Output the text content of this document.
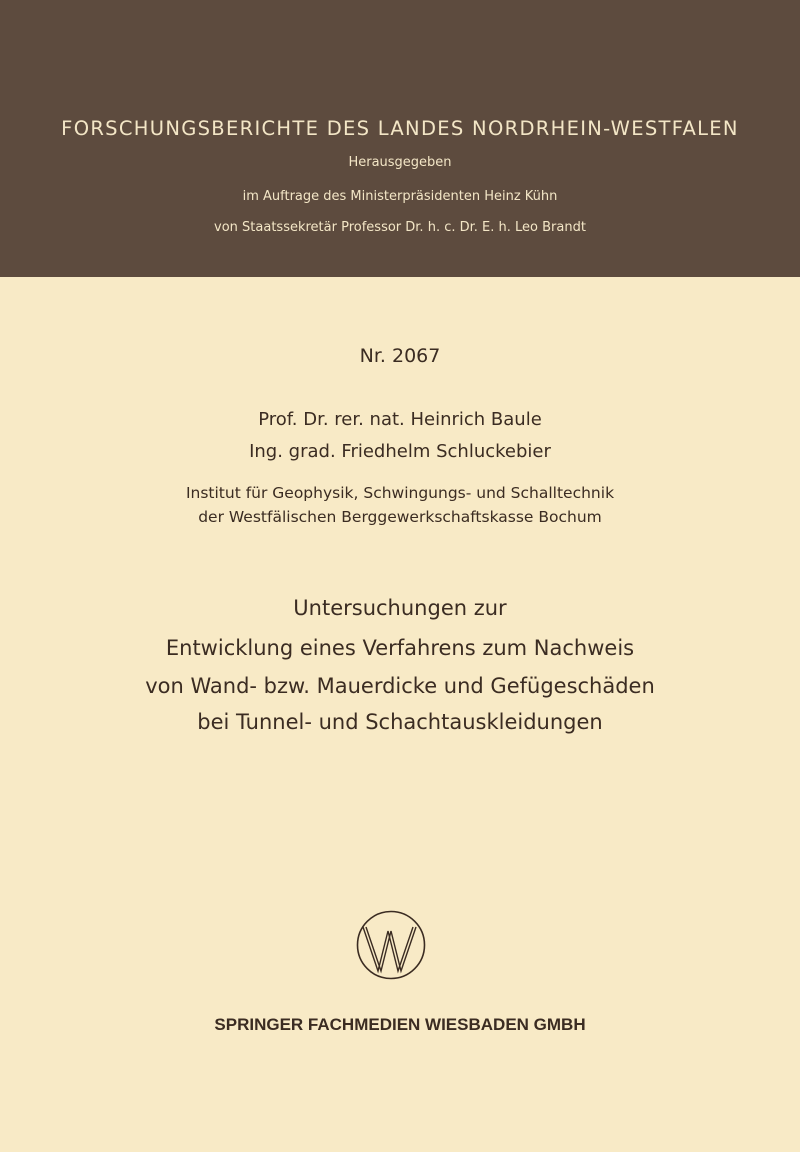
FORSCHUNGSBERICHTE DES LANDES NORDRHEIN-WESTFALEN
Herausgegeben
im Auftrage des Ministerpräsidenten Heinz Kühn
von Staatssekretär Professor Dr. h. c. Dr. E. h. Leo Brandt
Nr. 2067
Prof. Dr. rer. nat. Heinrich Baule
Ing. grad. Friedhelm Schluckebier
Institut für Geophysik, Schwingungs- und Schalltechnik
der Westfälischen Berggewerkschaftskasse Bochum
Untersuchungen zur
Entwicklung eines Verfahrens zum Nachweis
von Wand- bzw. Mauerdicke und Gefügeschäden
bei Tunnel- und Schachtauskleidungen
SPRINGER FACHMEDIEN WIESBADEN GMBH
